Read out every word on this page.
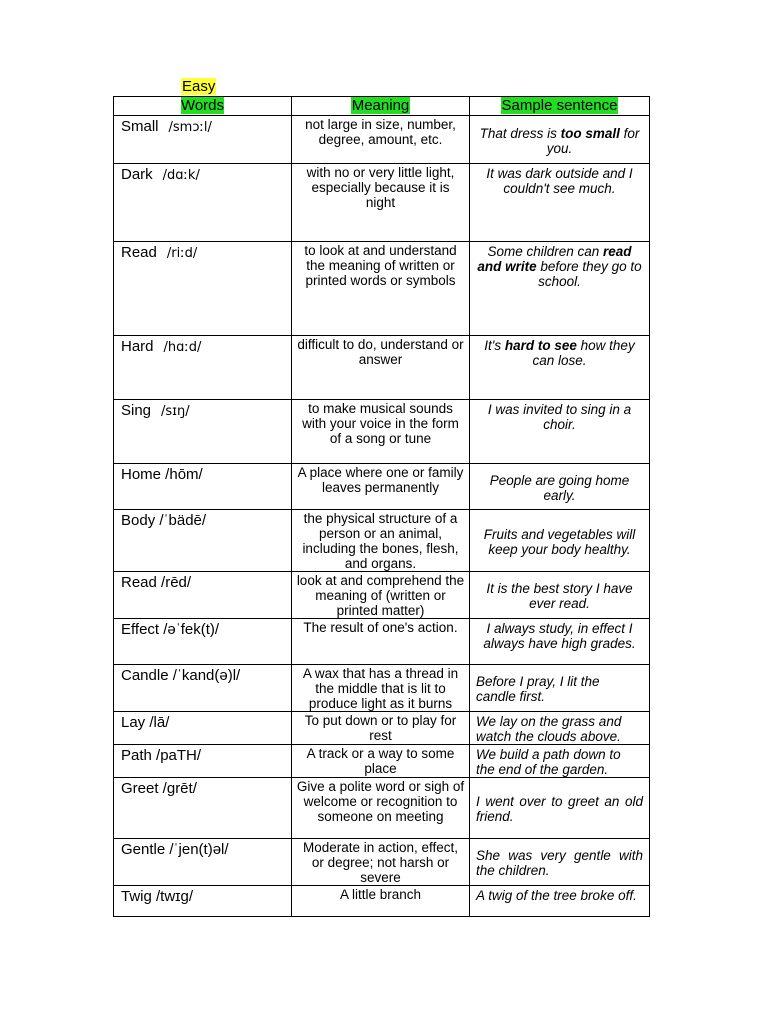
Easy
Words	Meaning	Sample sentence
Small /smɔːl/	not large in size, number, degree, amount, etc.	That dress is too small for you.
Dark /dɑːk/	with no or very little light, especially because it is night	It was dark outside and I couldn't see much.
Read /riːd/	to look at and understand the meaning of written or printed words or symbols	Some children can read and write before they go to school.
Hard /hɑːd/	difficult to do, understand or answer	It's hard to see how they can lose.
Sing /sɪŋ/	to make musical sounds with your voice in the form of a song or tune	I was invited to sing in a choir.
Home /hōm/	A place where one or family leaves permanently	People are going home early.
Body /ˈbädē/	the physical structure of a person or an animal, including the bones, flesh, and organs.	Fruits and vegetables will keep your body healthy.
Read /rēd/	look at and comprehend the meaning of (written or printed matter)	It is the best story I have ever read.
Effect /əˈfek(t)/	The result of one's action.	I always study, in effect I always have high grades.
Candle /ˈkand(ə)l/	A wax that has a thread in the middle that is lit to produce light as it burns	Before I pray, I lit the candle first.
Lay /lā/	To put down or to play for rest	We lay on the grass and watch the clouds above.
Path /paTH/	A track or a way to some place	We build a path down to the end of the garden.
Greet /grēt/	Give a polite word or sigh of welcome or recognition to someone on meeting	I went over to greet an old friend.
Gentle /ˈjen(t)əl/	Moderate in action, effect, or degree; not harsh or severe	She was very gentle with the children.
Twig /twɪg/	A little branch	A twig of the tree broke off.
